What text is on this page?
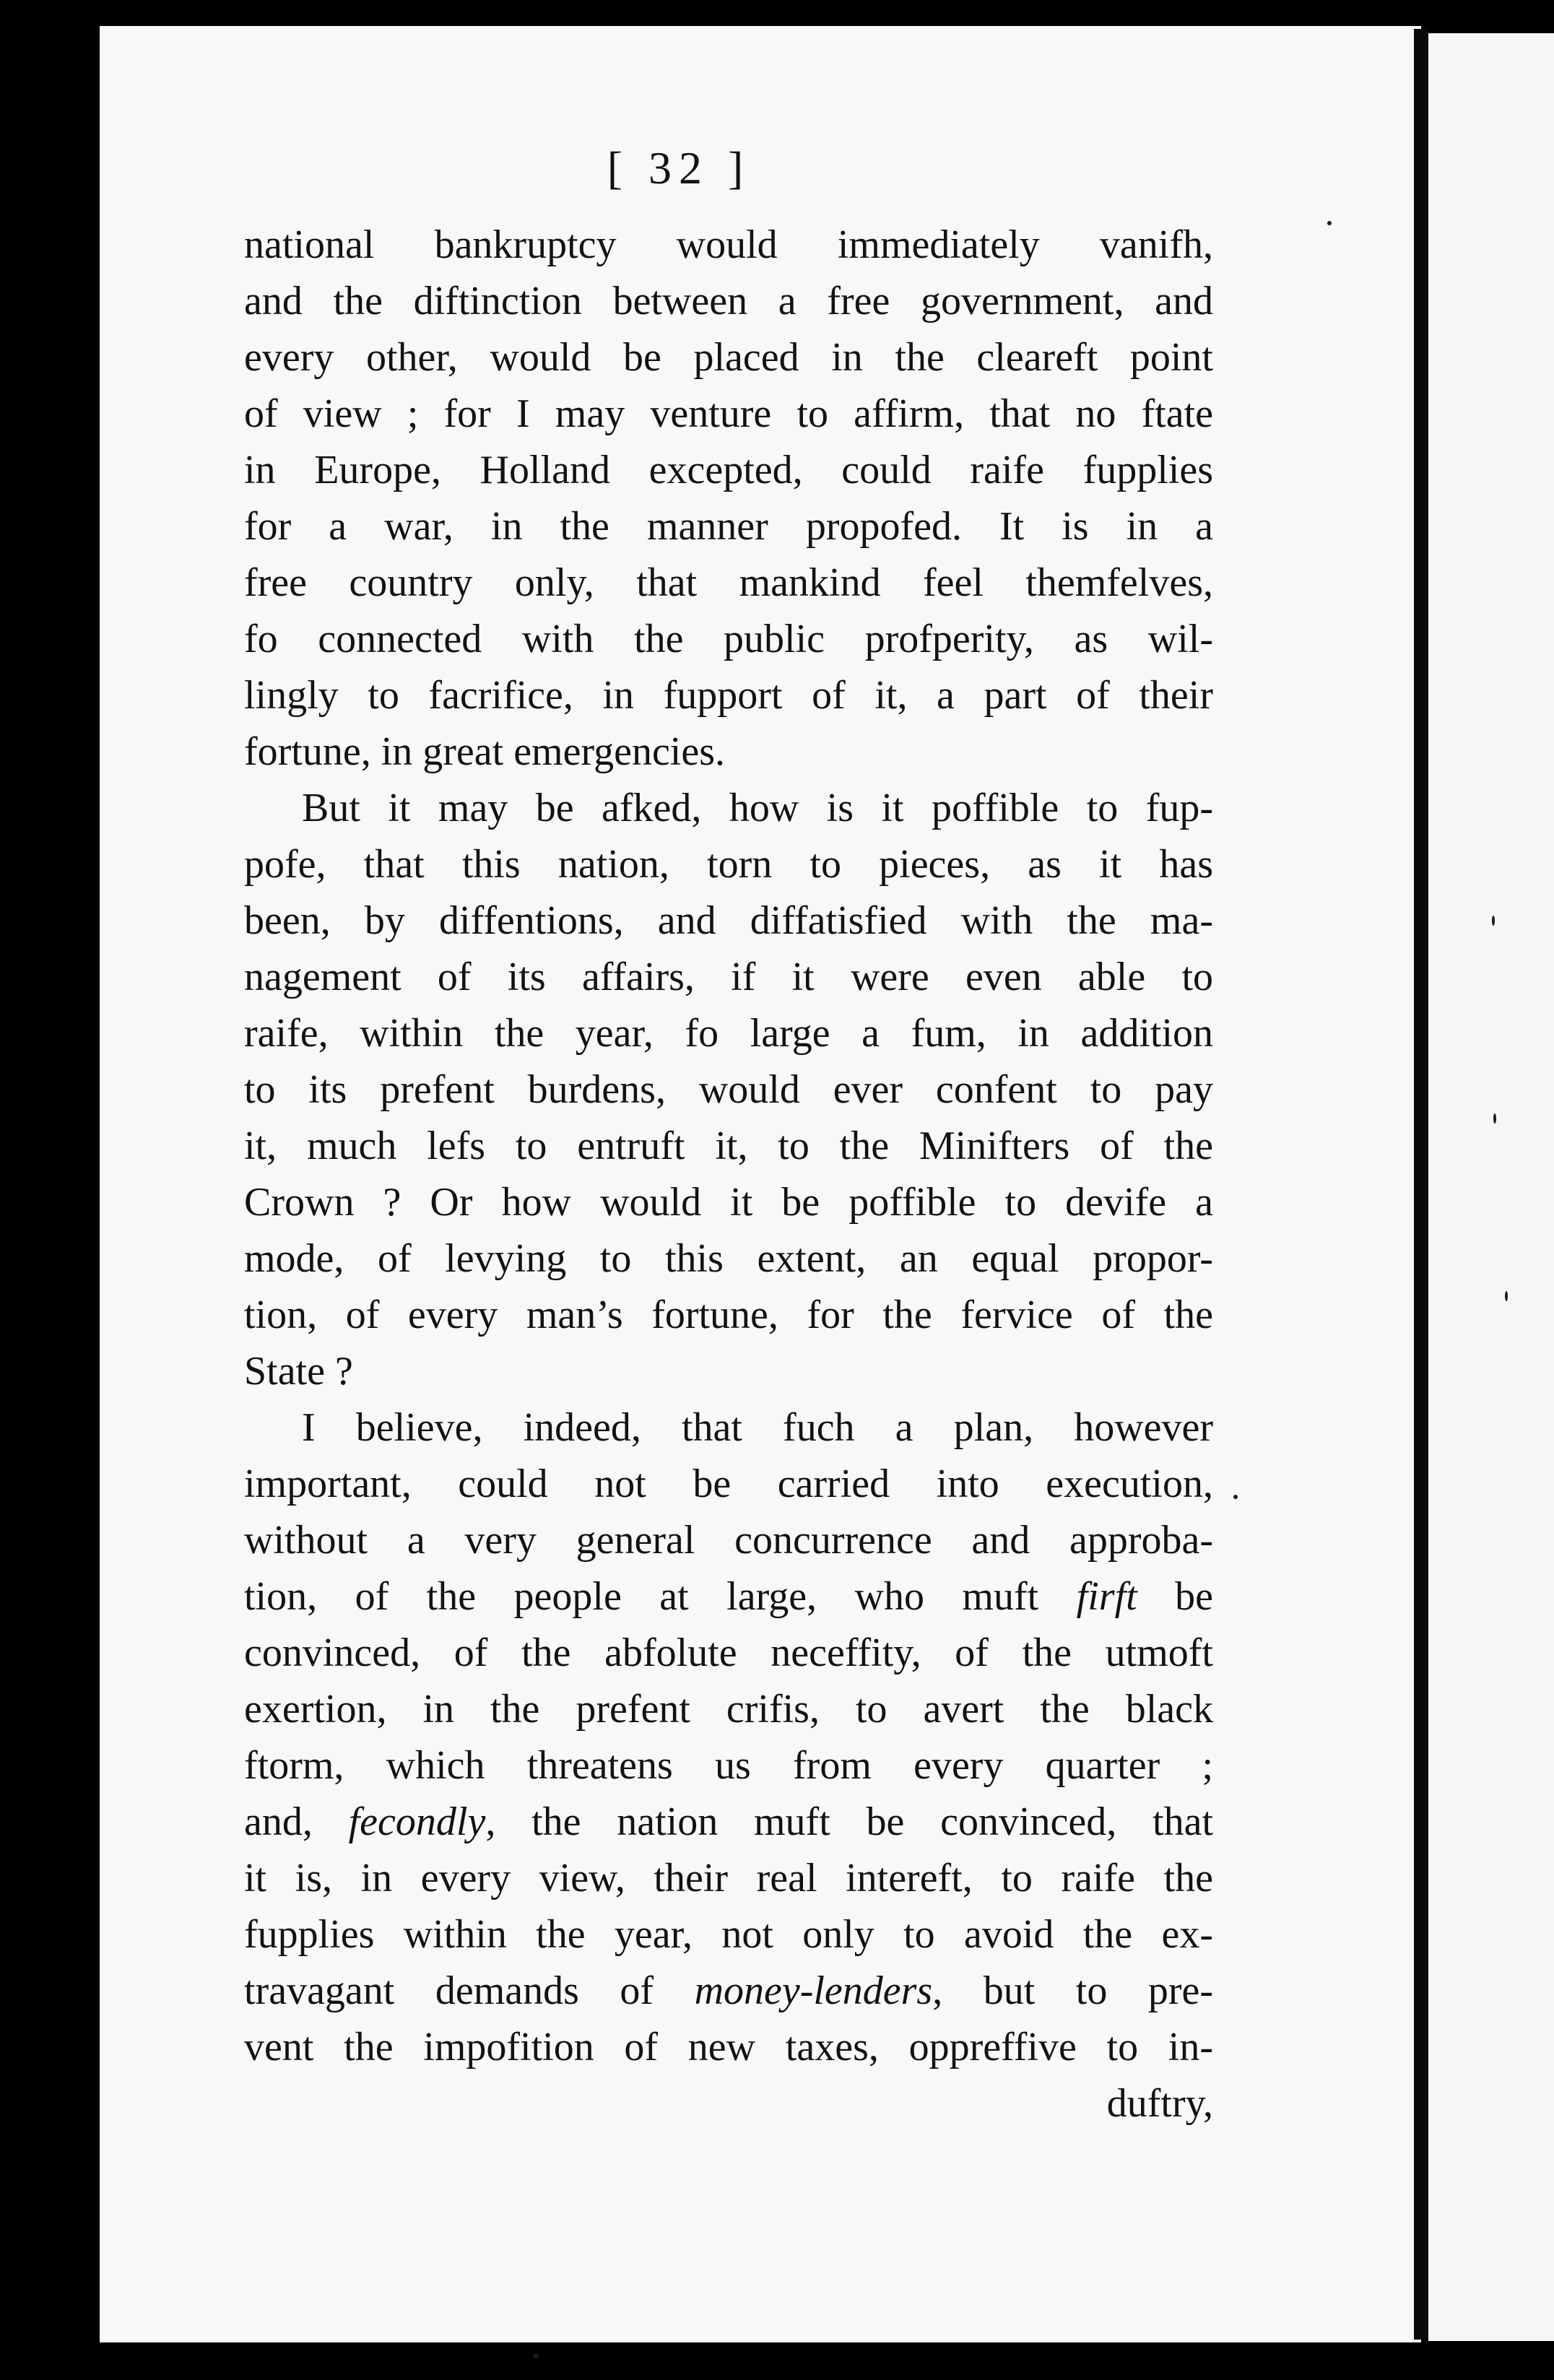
[ 32 ]
national bankruptcy would immediately vanifh,
and the diftinction between a free government, and
every other, would be placed in the cleareft point
of view ; for I may venture to affirm, that no ftate
in Europe, Holland excepted, could raife fupplies
for a war, in the manner propofed. It is in a
free country only, that mankind feel themfelves,
fo connected with the public profperity, as wil-
lingly to facrifice, in fupport of it, a part of their
fortune, in great emergencies.
But it may be afked, how is it poffible to fup-
pofe, that this nation, torn to pieces, as it has
been, by diffentions, and diffatisfied with the ma-
nagement of its affairs, if it were even able to
raife, within the year, fo large a fum, in addition
to its prefent burdens, would ever confent to pay
it, much lefs to entruft it, to the Minifters of the
Crown ? Or how would it be poffible to devife a
mode, of levying to this extent, an equal propor-
tion, of every man’s fortune, for the fervice of the
State ?
I believe, indeed, that fuch a plan, however
important, could not be carried into execution,
without a very general concurrence and approba-
tion, of the people at large, who muft firft be
convinced, of the abfolute neceffity, of the utmoft
exertion, in the prefent crifis, to avert the black
ftorm, which threatens us from every quarter ;
and, fecondly, the nation muft be convinced, that
it is, in every view, their real intereft, to raife the
fupplies within the year, not only to avoid the ex-
travagant demands of money-lenders, but to pre-
vent the impofition of new taxes, oppreffive to in-
duftry,
